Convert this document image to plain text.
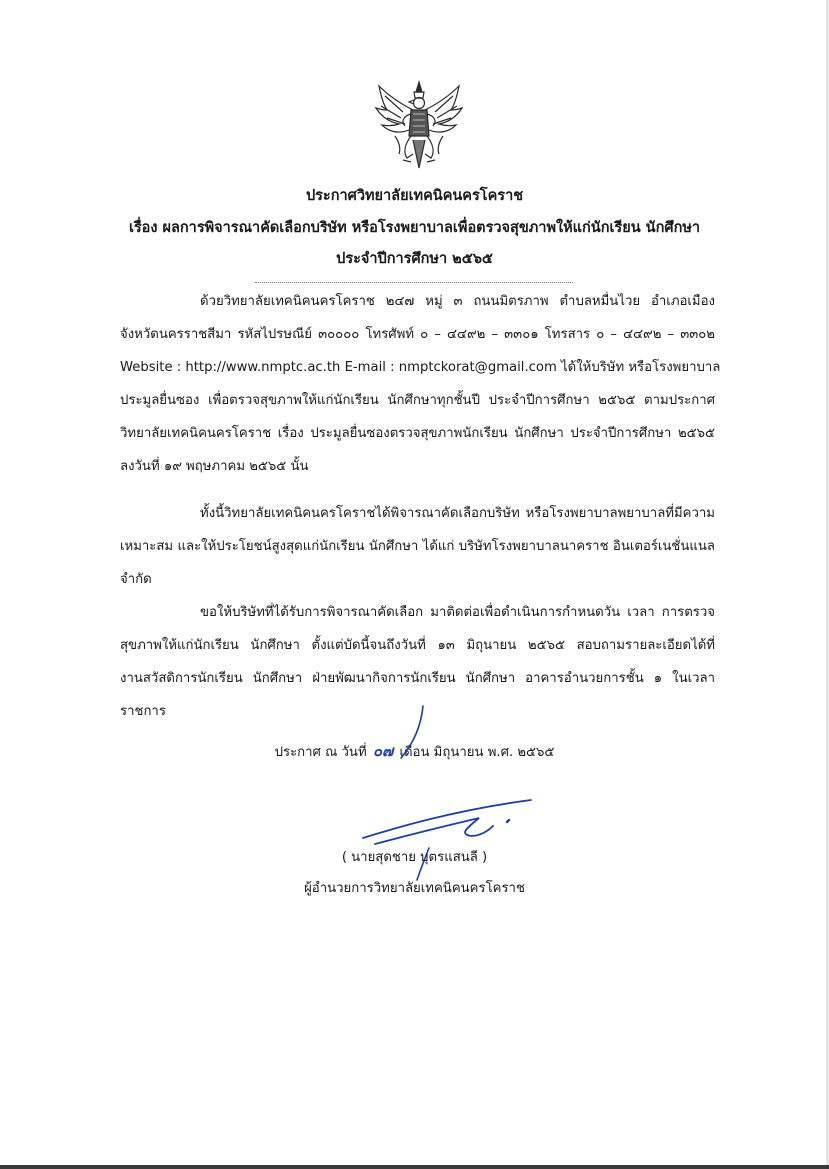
ประกาศวิทยาลัยเทคนิคนครโคราช
เรื่อง ผลการพิจารณาคัดเลือกบริษัท หรือโรงพยาบาลเพื่อตรวจสุขภาพให้แก่นักเรียน นักศึกษา
ประจำปีการศึกษา ๒๕๖๕
ด้วยวิทยาลัยเทคนิคนครโคราช ๒๔๗ หมู่ ๓ ถนนมิตรภาพ ตำบลหมื่นไวย อำเภอเมือง
จังหวัดนครราชสีมา รหัสไปรษณีย์ ๓๐๐๐๐ โทรศัพท์ ๐ – ๔๔๙๒ – ๓๓๐๑ โทรสาร ๐ – ๔๔๙๒ – ๓๓๐๒
Website : http://www.nmptc.ac.th E-mail : nmptckorat@gmail.com ได้ให้บริษัท หรือโรงพยาบาล
ประมูลยื่นซอง เพื่อตรวจสุขภาพให้แก่นักเรียน นักศึกษาทุกชั้นปี ประจำปีการศึกษา ๒๕๖๕ ตามประกาศ
วิทยาลัยเทคนิคนครโคราช เรื่อง ประมูลยื่นซองตรวจสุขภาพนักเรียน นักศึกษา ประจำปีการศึกษา ๒๕๖๕
ลงวันที่ ๑๙ พฤษภาคม ๒๕๖๕ นั้น
ทั้งนี้วิทยาลัยเทคนิคนครโคราชได้พิจารณาคัดเลือกบริษัท หรือโรงพยาบาลพยาบาลที่มีความ
เหมาะสม และให้ประโยชน์สูงสุดแก่นักเรียน นักศึกษา ได้แก่ บริษัทโรงพยาบาลนาคราช อินเตอร์เนชั่นแนล
จำกัด
ขอให้บริษัทที่ได้รับการพิจารณาคัดเลือก มาติดต่อเพื่อดำเนินการกำหนดวัน เวลา การตรวจ
สุขภาพให้แก่นักเรียน นักศึกษา ตั้งแต่บัดนี้จนถึงวันที่ ๑๓ มิถุนายน ๒๕๖๕ สอบถามรายละเอียดได้ที่
งานสวัสดิการนักเรียน นักศึกษา ฝ่ายพัฒนากิจการนักเรียน นักศึกษา อาคารอำนวยการชั้น ๑ ในเวลา
ราชการ
ประกาศ ณ วันที่ ๐๗ เดือน มิถุนายน พ.ศ. ๒๕๖๕
( นายสุดชาย บุตรแสนลี )
ผู้อำนวยการวิทยาลัยเทคนิคนครโคราช
